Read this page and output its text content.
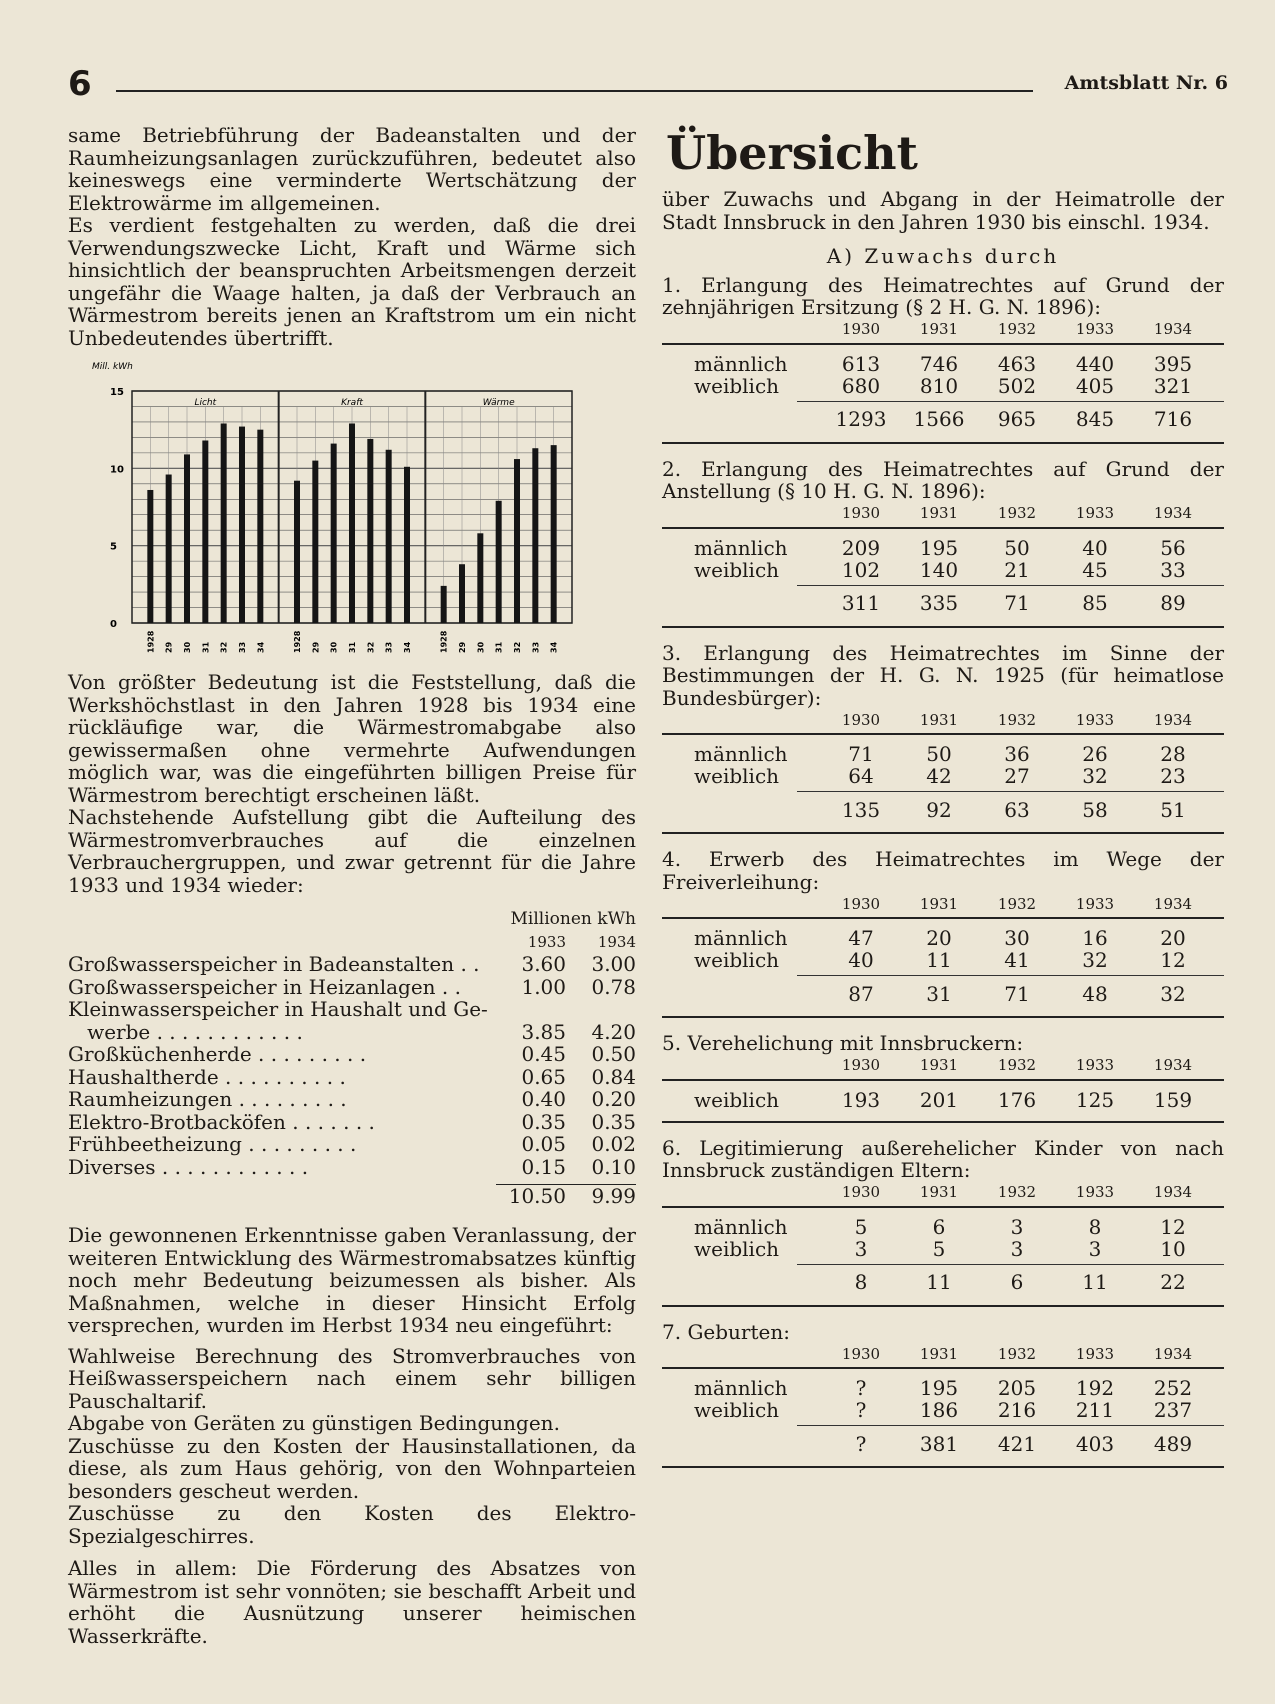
6	Amtsblatt Nr. 6

same Betriebführung der Badeanstalten und der Raumheizungsanlagen zurückzuführen, bedeutet also keineswegs eine verminderte Wertschätzung der Elektrowärme im allgemeinen.

Es verdient festgehalten zu werden, daß die drei Verwendungszwecke Licht, Kraft und Wärme sich hinsichtlich der beanspruchten Arbeitsmengen derzeit ungefähr die Waage halten, ja daß der Verbrauch an Wärmestrom bereits jenen an Kraftstrom um ein nicht Unbedeutendes übertrifft.

Mill. kWh
0
5
10
15
Licht
1928 29 30 31 32 33 34
Kraft
1928 29 30 31 32 33 34
Wärme
1928 29 30 31 32 33 34

Von größter Bedeutung ist die Feststellung, daß die Werkshöchstlast in den Jahren 1928 bis 1934 eine rückläufige war, die Wärmestromabgabe also gewissermaßen ohne vermehrte Aufwendungen möglich war, was die eingeführten billigen Preise für Wärmestrom berechtigt erscheinen läßt.

Nachstehende Aufstellung gibt die Aufteilung des Wärmestromverbrauches auf die einzelnen Verbrauchergruppen, und zwar getrennt für die Jahre 1933 und 1934 wieder:

Millionen kWh
1933	1934
Großwasserspeicher in Badeanstalten . .	3.60	3.00
Großwasserspeicher in Heizanlagen . .	1.00	0.78
Kleinwasserspeicher in Haushalt und Ge-
werbe . . . . . . . . . . . .	3.85	4.20
Großküchenherde . . . . . . . . .	0.45	0.50
Haushaltherde . . . . . . . . . .	0.65	0.84
Raumheizungen . . . . . . . . .	0.40	0.20
Elektro-Brotbacköfen . . . . . . .	0.35	0.35
Frühbeetheizung . . . . . . . . .	0.05	0.02
Diverses . . . . . . . . . . . .	0.15	0.10
10.50	9.99

Die gewonnenen Erkenntnisse gaben Veranlassung, der weiteren Entwicklung des Wärmestromabsatzes künftig noch mehr Bedeutung beizumessen als bisher. Als Maßnahmen, welche in dieser Hinsicht Erfolg versprechen, wurden im Herbst 1934 neu eingeführt:

Wahlweise Berechnung des Stromverbrauches von Heißwasserspeichern nach einem sehr billigen Pauschaltarif.

Abgabe von Geräten zu günstigen Bedingungen.

Zuschüsse zu den Kosten der Hausinstallationen, da diese, als zum Haus gehörig, von den Wohnparteien besonders gescheut werden.

Zuschüsse zu den Kosten des Elektro-Spezialgeschirres.

Alles in allem: Die Förderung des Absatzes von Wärmestrom ist sehr vonnöten; sie beschafft Arbeit und erhöht die Ausnützung unserer heimischen Wasserkräfte.

Übersicht

über Zuwachs und Abgang in der Heimatrolle der Stadt Innsbruck in den Jahren 1930 bis einschl. 1934.

A) Zuwachs durch
1. Erlangung des Heimatrechtes auf Grund der zehnjährigen Ersitzung (§ 2 H. G. N. 1896):
1930	1931	1932	1933	1934
männlich	613	746	463	440	395
weiblich	680	810	502	405	321
1293	1566	965	845	716
2. Erlangung des Heimatrechtes auf Grund der Anstellung (§ 10 H. G. N. 1896):
1930	1931	1932	1933	1934
männlich	209	195	50	40	56
weiblich	102	140	21	45	33
311	335	71	85	89
3. Erlangung des Heimatrechtes im Sinne der Bestimmungen der H. G. N. 1925 (für heimatlose Bundesbürger):
1930	1931	1932	1933	1934
männlich	71	50	36	26	28
weiblich	64	42	27	32	23
135	92	63	58	51
4. Erwerb des Heimatrechtes im Wege der Freiverleihung:
1930	1931	1932	1933	1934
männlich	47	20	30	16	20
weiblich	40	11	41	32	12
87	31	71	48	32
5. Verehelichung mit Innsbruckern:
1930	1931	1932	1933	1934
weiblich	193	201	176	125	159
6. Legitimierung außerehelicher Kinder von nach Innsbruck zuständigen Eltern:
1930	1931	1932	1933	1934
männlich	5	6	3	8	12
weiblich	3	5	3	3	10
8	11	6	11	22
7. Geburten:
1930	1931	1932	1933	1934
männlich	?	195	205	192	252
weiblich	?	186	216	211	237
?	381	421	403	489
